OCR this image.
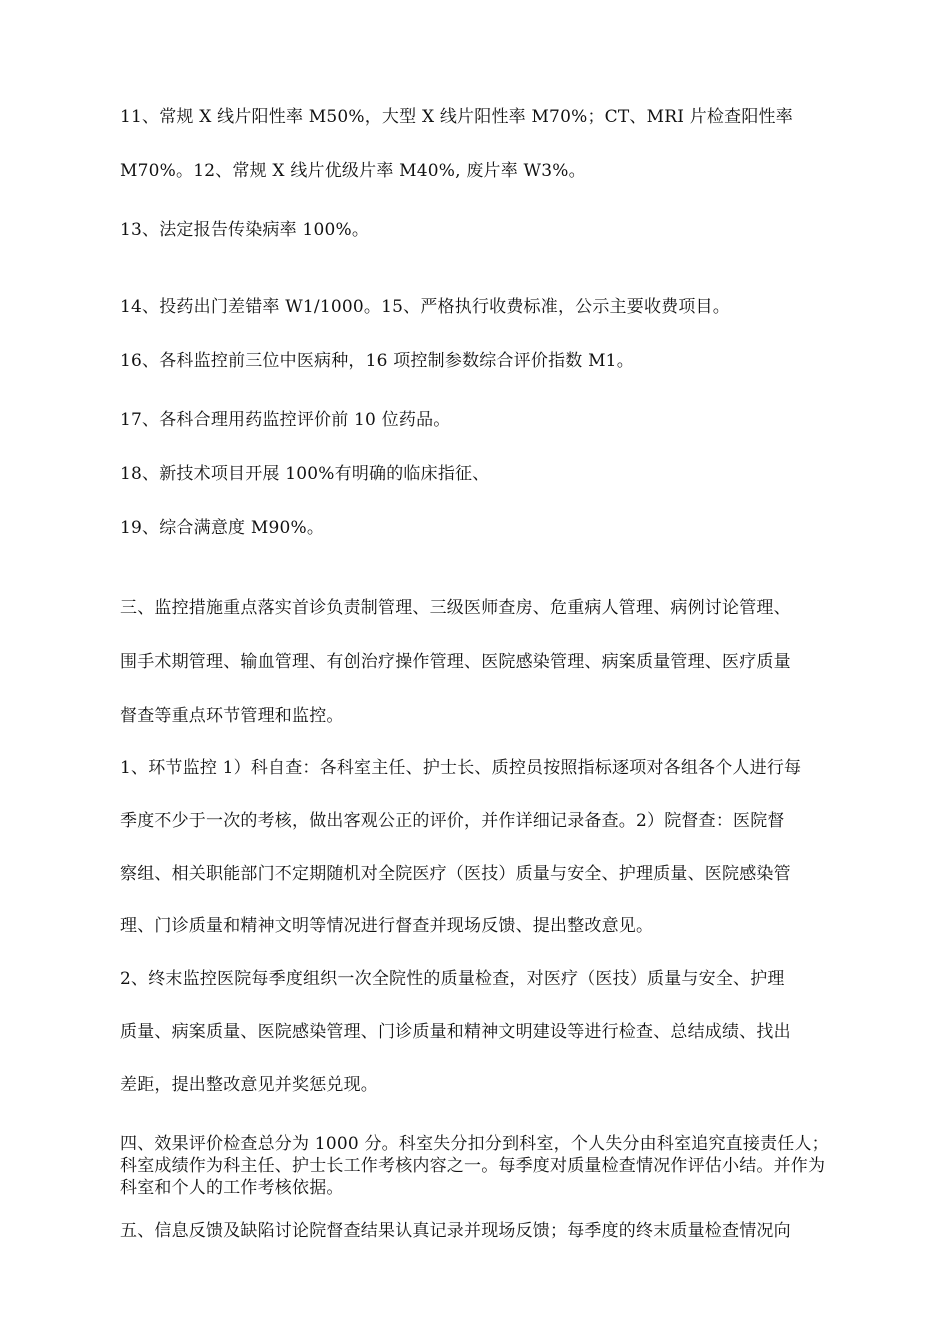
11、常规 X 线片阳性率 M50%，大型 X 线片阳性率 M70%；CT、MRI 片检查阳性率
M70%。12、常规 X 线片优级片率 M40%, 废片率 W3%。
13、法定报告传染病率 100%。
14、投药出门差错率 W1/1000。15、严格执行收费标准，公示主要收费项目。
16、各科监控前三位中医病种，16 项控制参数综合评价指数 M1。
17、各科合理用药监控评价前 10 位药品。
18、新技术项目开展 100%有明确的临床指征、
19、综合满意度 M90%。
三、监控措施重点落实首诊负责制管理、三级医师查房、危重病人管理、病例讨论管理、
围手术期管理、输血管理、有创治疗操作管理、医院感染管理、病案质量管理、医疗质量
督查等重点环节管理和监控。
1、环节监控 1）科自查：各科室主任、护士长、质控员按照指标逐项对各组各个人进行每
季度不少于一次的考核，做出客观公正的评价，并作详细记录备查。2）院督查：医院督
察组、相关职能部门不定期随机对全院医疗（医技）质量与安全、护理质量、医院感染管
理、门诊质量和精神文明等情况进行督查并现场反馈、提出整改意见。
2、终末监控医院每季度组织一次全院性的质量检查，对医疗（医技）质量与安全、护理
质量、病案质量、医院感染管理、门诊质量和精神文明建设等进行检查、总结成绩、找出
差距，提出整改意见并奖惩兑现。
四、效果评价检查总分为 1000 分。科室失分扣分到科室，个人失分由科室追究直接责任人；科室成绩作为科主任、护士长工作考核内容之一。每季度对质量检查情况作评估小结。并作为科室和个人的工作考核依据。
五、信息反馈及缺陷讨论院督查结果认真记录并现场反馈；每季度的终末质量检查情况向
